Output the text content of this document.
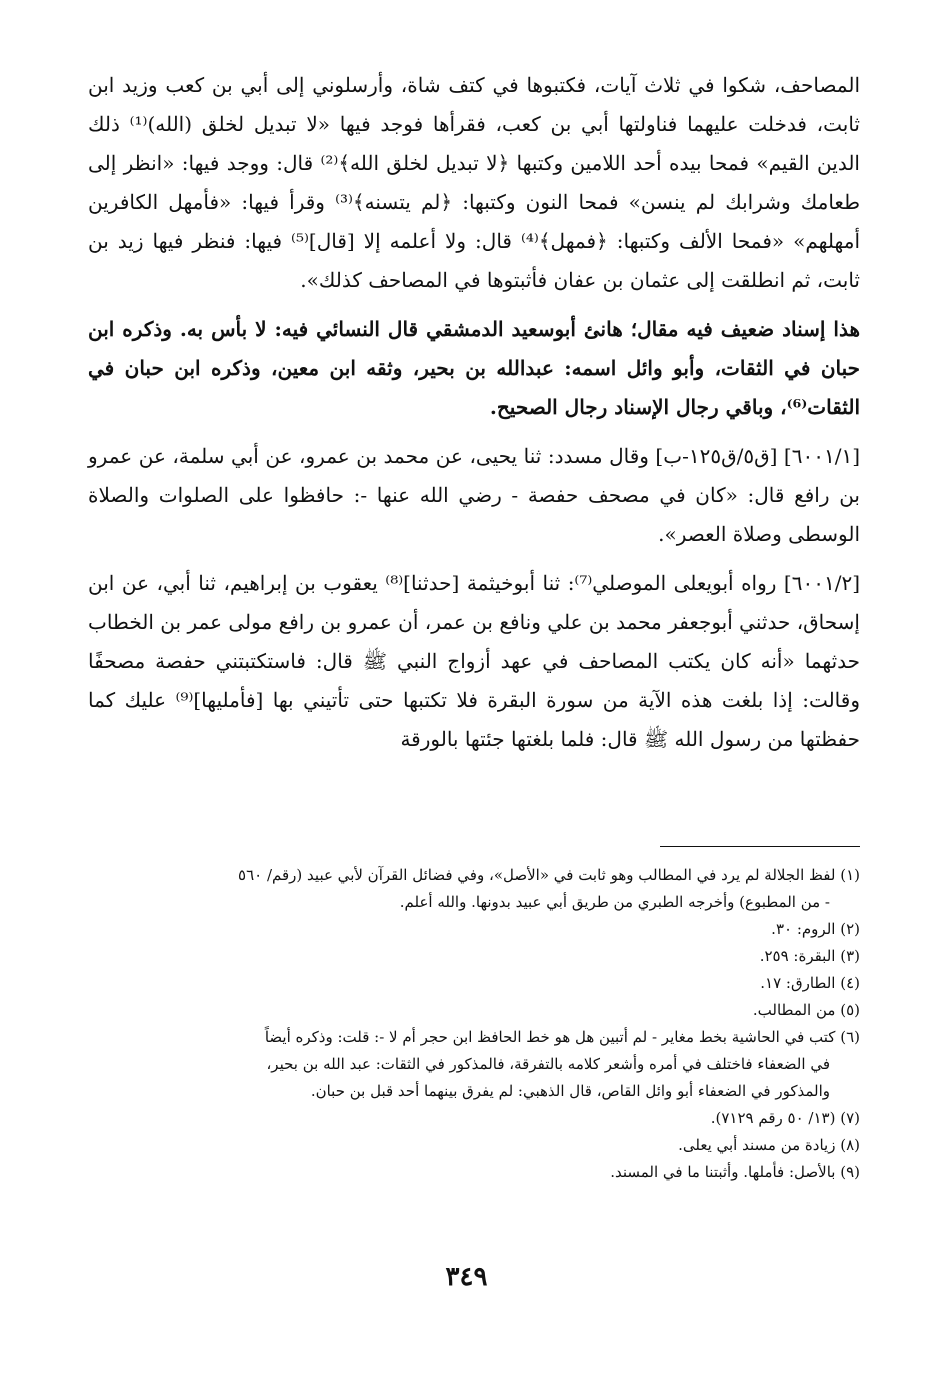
المصاحف، شكوا في ثلاث آيات، فكتبوها في كتف شاة، وأرسلوني إلى أبي بن كعب وزيد ابن ثابت، فدخلت عليهما فناولتها أبي بن كعب، فقرأها فوجد فيها «لا تبديل لخلق (الله)⁽¹⁾ ذلك الدين القيم» فمحا بيده أحد اللامين وكتبها ﴿لا تبديل لخلق الله﴾⁽²⁾ قال: ووجد فيها: «انظر إلى طعامك وشرابك لم ينسن» فمحا النون وكتبها: ﴿لم يتسنه﴾⁽³⁾ وقرأ فيها: «فأمهل الكافرين أمهلهم» «فمحا الألف وكتبها: ﴿فمهل﴾⁽⁴⁾ قال: ولا أعلمه إلا [قال]⁽⁵⁾ فيها: فنظر فيها زيد بن ثابت، ثم انطلقت إلى عثمان بن عفان فأثبتوها في المصاحف كذلك».

هذا إسناد ضعيف فيه مقال؛ هانئ أبوسعيد الدمشقي قال النسائي فيه: لا بأس به. وذكره ابن حبان في الثقات، وأبو وائل اسمه: عبدالله بن بحير، وثقه ابن معين، وذكره ابن حبان في الثقات⁽⁶⁾، وباقي رجال الإسناد رجال الصحيح.

[٦٠٠١/١] [ق٥/ق١٢٥-ب] وقال مسدد: ثنا يحيى، عن محمد بن عمرو، عن أبي سلمة، عن عمرو بن رافع قال: «كان في مصحف حفصة - رضي الله عنها -: حافظوا على الصلوات والصلاة الوسطى وصلاة العصر».

[٦٠٠١/٢] رواه أبويعلى الموصلي⁽⁷⁾: ثنا أبوخيثمة [حدثنا]⁽⁸⁾ يعقوب بن إبراهيم، ثنا أبي، عن ابن إسحاق، حدثني أبوجعفر محمد بن علي ونافع بن عمر، أن عمرو بن رافع مولى عمر بن الخطاب حدثهما «أنه كان يكتب المصاحف في عهد أزواج النبي ﷺ قال: فاستكتبتني حفصة مصحفًا وقالت: إذا بلغت هذه الآية من سورة البقرة فلا تكتبها حتى تأتيني بها [فأمليها]⁽⁹⁾ عليك كما حفظتها من رسول الله ﷺ قال: فلما بلغتها جئتها بالورقة

(١) لفظ الجلالة لم يرد في المطالب وهو ثابت في «الأصل»، وفي فضائل القرآن لأبي عبيد (رقم/ ٥٦٠

- من المطبوع) وأخرجه الطبري من طريق أبي عبيد بدونها. والله أعلم.

(٢) الروم: ٣٠.

(٣) البقرة: ٢٥٩.

(٤) الطارق: ١٧.

(٥) من المطالب.

(٦) كتب في الحاشية بخط مغاير - لم أتبين هل هو خط الحافظ ابن حجر أم لا -: قلت: وذكره أيضاً

في الضعفاء فاختلف في أمره وأشعر كلامه بالتفرقة، فالمذكور في الثقات: عبد الله بن بحير،

والمذكور في الضعفاء أبو وائل القاص، قال الذهبي: لم يفرق بينهما أحد قبل بن حبان.

(٧) (١٣/ ٥٠ رقم ٧١٢٩).

(٨) زيادة من مسند أبي يعلى.

(٩) بالأصل: فأملها. وأثبتنا ما في المسند.

٣٤٩
